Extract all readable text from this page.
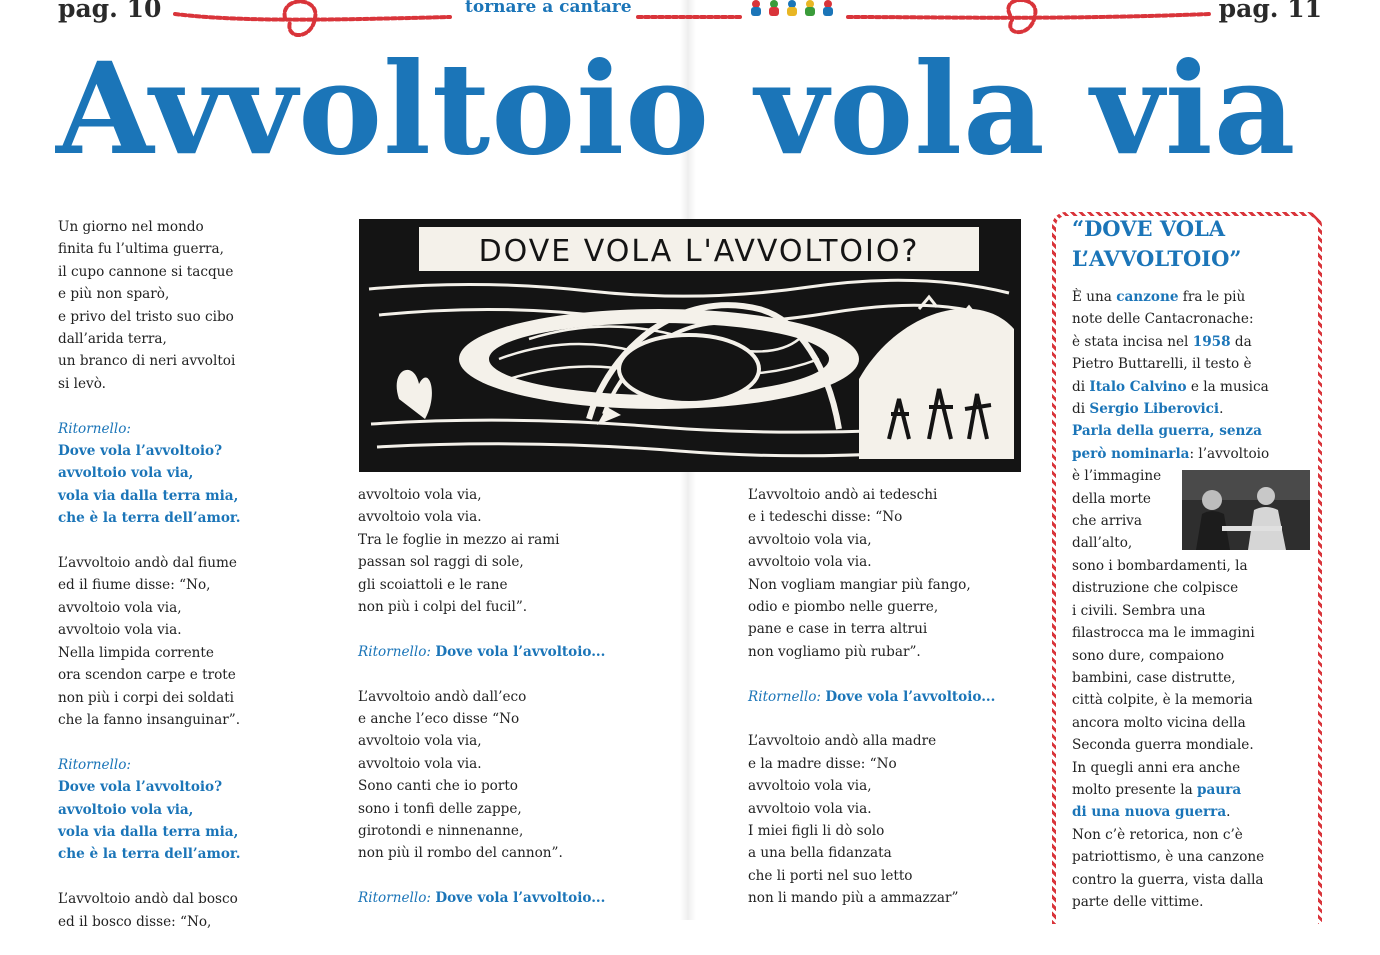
pag. 10	tornare a cantare	pag. 11
Avvoltoio vola via
Un giorno nel mondo
finita fu l’ultima guerra,
il cupo cannone si tacque
e più non sparò,
e privo del tristo suo cibo
dall’arida terra,
un branco di neri avvoltoi
si levò.
Ritornello:
Dove vola l’avvoltoio?
avvoltoio vola via,
vola via dalla terra mia,
che è la terra dell’amor.
L’avvoltoio andò dal fiume
ed il fiume disse: “No,
avvoltoio vola via,
avvoltoio vola via.
Nella limpida corrente
ora scendon carpe e trote
non più i corpi dei soldati
che la fanno insanguinar”.
Ritornello:
Dove vola l’avvoltoio?
avvoltoio vola via,
vola via dalla terra mia,
che è la terra dell’amor.
L’avvoltoio andò dal bosco
ed il bosco disse: “No,
DOVE VOLA L'AVVOLTOIO?
avvoltoio vola via,
avvoltoio vola via.
Tra le foglie in mezzo ai rami
passan sol raggi di sole,
gli scoiattoli e le rane
non più i colpi del fucil”.
Ritornello: Dove vola l’avvoltoio...
L’avvoltoio andò dall’eco
e anche l’eco disse “No
avvoltoio vola via,
avvoltoio vola via.
Sono canti che io porto
sono i tonfi delle zappe,
girotondi e ninnenanne,
non più il rombo del cannon”.
Ritornello: Dove vola l’avvoltoio...
L’avvoltoio andò ai tedeschi
e i tedeschi disse: “No
avvoltoio vola via,
avvoltoio vola via.
Non vogliam mangiar più fango,
odio e piombo nelle guerre,
pane e case in terra altrui
non vogliamo più rubar”.
Ritornello: Dove vola l’avvoltoio...
L’avvoltoio andò alla madre
e la madre disse: “No
avvoltoio vola via,
avvoltoio vola via.
I miei figli li dò solo
a una bella fidanzata
che li porti nel suo letto
non li mando più a ammazzar”
“DOVE VOLA
L’AVVOLTOIO”
È una canzone fra le più
note delle Cantacronache:
è stata incisa nel 1958 da
Pietro Buttarelli, il testo è
di Italo Calvino e la musica
di Sergio Liberovici.
Parla della guerra, senza
però nominarla: l’avvoltoio
è l’immagine
della morte
che arriva
dall’alto,
sono i bombardamenti, la
distruzione che colpisce
i civili. Sembra una
filastrocca ma le immagini
sono dure, compaiono
bambini, case distrutte,
città colpite, è la memoria
ancora molto vicina della
Seconda guerra mondiale.
In quegli anni era anche
molto presente la paura
di una nuova guerra.
Non c’è retorica, non c’è
patriottismo, è una canzone
contro la guerra, vista dalla
parte delle vittime.
